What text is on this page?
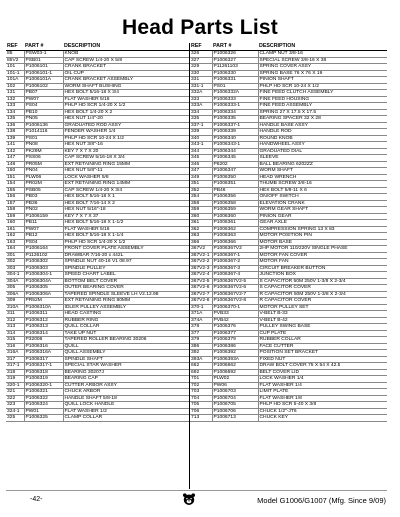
Head Parts List
REF	PART #	DESCRIPTION
85	PSW03-1	KNOB
85V2	PSB01	CAP SCREW 1/4-20 X 5/8
101	P1006101	CRANK BRACKET
101-1	P1006101-1	OIL CUP
101A	P1006101A	CRANK BRACKET ASSEMBLY
102	P1006102	WORM SHAFT BUSHING
131	PB07	HEX BOLT 5/16-18 X 3/4
132	PW07	FLAT WASHER 5/16
133	PS04	PHLP HD SCR 1/4-20 X 1/2
134	PB10	HEX BOLT 1/4-20 X 2
135	PN05	HEX NUT 1/4"-20
136	P1006136	GRADUATED ROD ASSY
138	P1014116	FENDER WASHER 1/4
139	PS01	PHLP HD SCR 10-24 X 1/2
141	PN08	HEX NUT 3/8"-16
142	PK29M	KEY 7 X 7 X 20
147	PSS06	CAP SCREW 5/16-18 X 3/4
148	PR05M	EXT RETAINING RING 15MM
150	PN04	HEX NUT 5/8"-11
151	PLW06	LOCK WASHER 5/8
154	PR02M	EXT RETAINING RING 14MM
155	PSB05	CAP SCREW 1/4-20 X 3/4
156	PB03	HEX BOLT 5/16-18 X 1
157	PB36	HEX BOLT 7/16-14 X 2
158	PN02	HEX NUT 5/16"-18
159	P1006159	KEY 7 X 7 X 37
160	PB11	HEX BOLT 5/16-18 X 1-1/2
161	PW07	FLAT WASHER 5/16
162	PB12	HEX BOLT 5/16-18 X 1-1/4
163	PS04	PHLP HD SCR 1/4-20 X 1/2
164	P1006164	FRONT COVER PLATE ASSEMBLY
301	P1126102	DRAWBAR 7/16-20 x 442L
302	P1006302	SPINDLE NUT 40-16 V1 08.97
303	P1006303	SPINDLE PULLEY
304-1	P1006304-1	SPEED CHART LABEL
304A	P1006304A	BOTTOM BELT COVER
305	P1006305	OUTER BEARING COVER
306A	P1006306A	TAPERED SPINDLE SLEEVE LH V2.12.98
309	PR52M	EXT RETAINING RING 80MM
310A	P1006310A	IDLER PULLEY ASSEMBLY
311	P1006311	HEAD CASTING
312	P1006312	RUBBER RING
313	P1006313	QUILL COLLAR
314	P1006314	TAKE UP NUT
315	P32006	TAPERED ROLLER BEARING 30206
316	P1006316	QUILL
316A	P1006316A	QUILL ASSEMBLY
317	P1006317	SPINDLE SHAFT
317-1	P1006317-1	SPECIAL STAR WASHER
318	P1006318	BEARING 30207J
319	P1006319	BEARING CAP
320-1	P1006320-1	CUTTER ARBOR ASSY
321	P1006321	CHUCK ARBOR
322	P1006322	HANDLE SHAFT 5/8-18
323	P1006324	QUILL LOCK HANDLE
324-1	PW01	FLAT WASHER 1/2
325	P1006325	CLAMP COLLAR
REF	PART #	DESCRIPTION
326	P1006326	CLAMP NUT 3/8-16
327	P1006327	SPECIAL SCREW 3/8-16 X 38
329	P11261103	SPRING COVER ASSY
330	P1006330	SPRING BASE 76 X 76 X 19
331	P1006331	PINION SHAFT
331-1	PS01	PHLP HD SCR 10-24 X 1/2
332A	P1006332A	FINE FEED CLUTCH ASSEMBLY
333	P1006333	FINE FEED HOUSING
333A	P1006333-1	FINE FEED ASSEMBLY
334	P1006334	SPRING 27 X 17.5 X 17.5
335	P1006335	BEARING SPACER 32 X 28
337-1	P1006337-1	HANDLE BASE ASSY
339	P1006339	HANDLE ROD
340	P1006340	ROUND KNOB
343-1	P1006343-1	HANDWHEEL ASSY
344	P1006344	GRADUATED DIAL
345	P1006345	SLEEVE
346	P6202	BALL BEARING 6202ZZ
347	P1006347	WORM SHAFT
349	P1006350	HEAD WRENCH
351	P1006351	THUMB SCREW 3/8-16
352	PB46	HEX BOLT 5/8-11 X 6
354	P1006356	ON/OFF SWITCH
358	P1006358	ELEVATION CRANK
359	P1006359	WORM GEAR SHAFT
360	P1006360	PINION GEAR
361	P1006361	GEAR AXLE
362	P1006362	COMPRESSION SPRING 13 X 83
363	P1006363	MOTOR POSITION PIN
366	P1006366	MOTOR BASE
367V2	P1006367V2	2HP MOTOR 110/220V SINGLE PHASE
367V2-1	P1006367-1	MOTOR FAN COVER
367V2-2	P1006367-2	MOTOR FAN
367V2-3	P1006367-3	CIRCUIT BREAKER BUTTON
367V2-4	P1006367-4	JUNCTION BOX
367V2-5	P1006367V2-5	S CAPACITOR 50M 250V 1-3/8 X 2-3/4
367V2-6	P1006367V2-6	S CAPACITOR COVER
367V2-7	P1006367V2-7	R CAPACITOR 50M 250V 1-3/8 X 2-3/4
367V2-8	P1006367V2-8	R CAPACITOR COVER
370-1	P1006370-1	MOTOR PULLEY SET
371A	PVB33	V-BELT B-33
374A	PVB42	V-BELT B-42
378	P1006376	PULLEY SWING BASE
377	P1006377	CUP PLATE
379	P1006379	RUBBER COLLAR
386	P1006386	FACE CUTTER
392	P1006392	POSITION SET BRACKET
393A	P1006393A	FIXED NUT
662	P1006662	DRAW BOLT COVER 75 X 54 X 42.5
692	P1006692	BELT COVER LID
701	PLW02	LOCK WASHER 1/4
702	PW06	FLAT WASHER 1/4
703	P1006703	LIMIT PLATE
704	P1006704	FLAT WASHER 1/8
705	P1006705	PHLP HD SCR 5-40 X 3/8
706	P1006706	CHUCK 1/2"-JT6
713	P1006713	CHUCK KEY
-42-	Model G1006/G1007 (Mfg. Since 9/09)
